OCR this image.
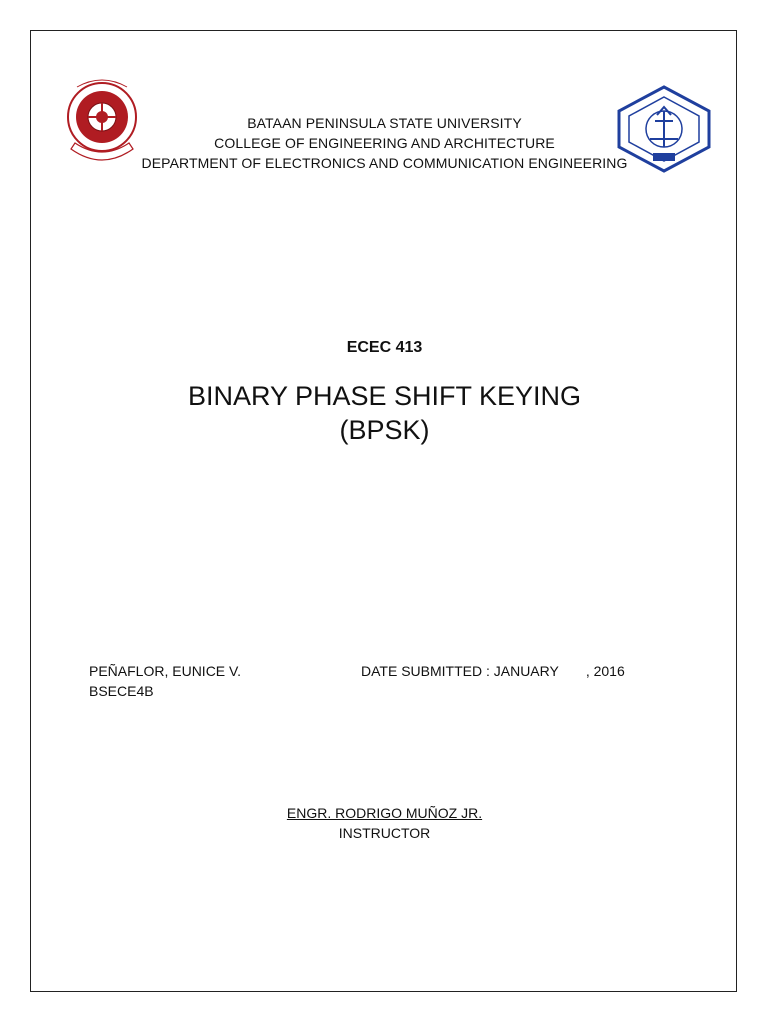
BATAAN PENINSULA STATE UNIVERSITY
COLLEGE OF ENGINEERING AND ARCHITECTURE
DEPARTMENT OF ELECTRONICS AND COMMUNICATION ENGINEERING
ECEC 413
BINARY PHASE SHIFT KEYING
(BPSK)
PEÑAFLOR, EUNICE V.
BSECE4B
DATE SUBMITTED : JANUARY , 2016
ENGR. RODRIGO MUÑOZ JR.
INSTRUCTOR
